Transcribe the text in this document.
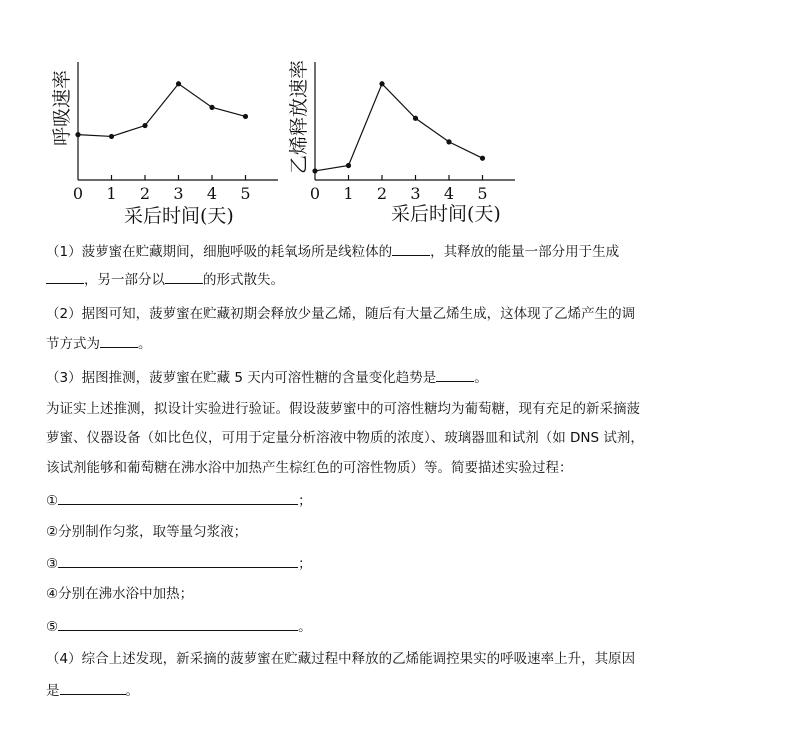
呼吸速率
采后时间(天)
0 1 2 3 4 5
乙烯释放速率
采后时间(天)
0 1 2 3 4 5
（1）菠萝蜜在贮藏期间，细胞呼吸的耗氧场所是线粒体的	，其释放的能量一部分用于生成
，另一部分以	的形式散失。
（2）据图可知，菠萝蜜在贮藏初期会释放少量乙烯，随后有大量乙烯生成，这体现了乙烯产生的调
节方式为	。
（3）据图推测，菠萝蜜在贮藏 5 天内可溶性糖的含量变化趋势是	。
为证实上述推测，拟设计实验进行验证。假设菠萝蜜中的可溶性糖均为葡萄糖，现有充足的新采摘菠
萝蜜、仪器设备（如比色仪，可用于定量分析溶液中物质的浓度）、玻璃器皿和试剂（如 DNS 试剂，
该试剂能够和葡萄糖在沸水浴中加热产生棕红色的可溶性物质）等。简要描述实验过程：
①	；
②分别制作匀浆，取等量匀浆液；
③	；
④分别在沸水浴中加热；
⑤	。
（4）综合上述发现，新采摘的菠萝蜜在贮藏过程中释放的乙烯能调控果实的呼吸速率上升，其原因
是	。
